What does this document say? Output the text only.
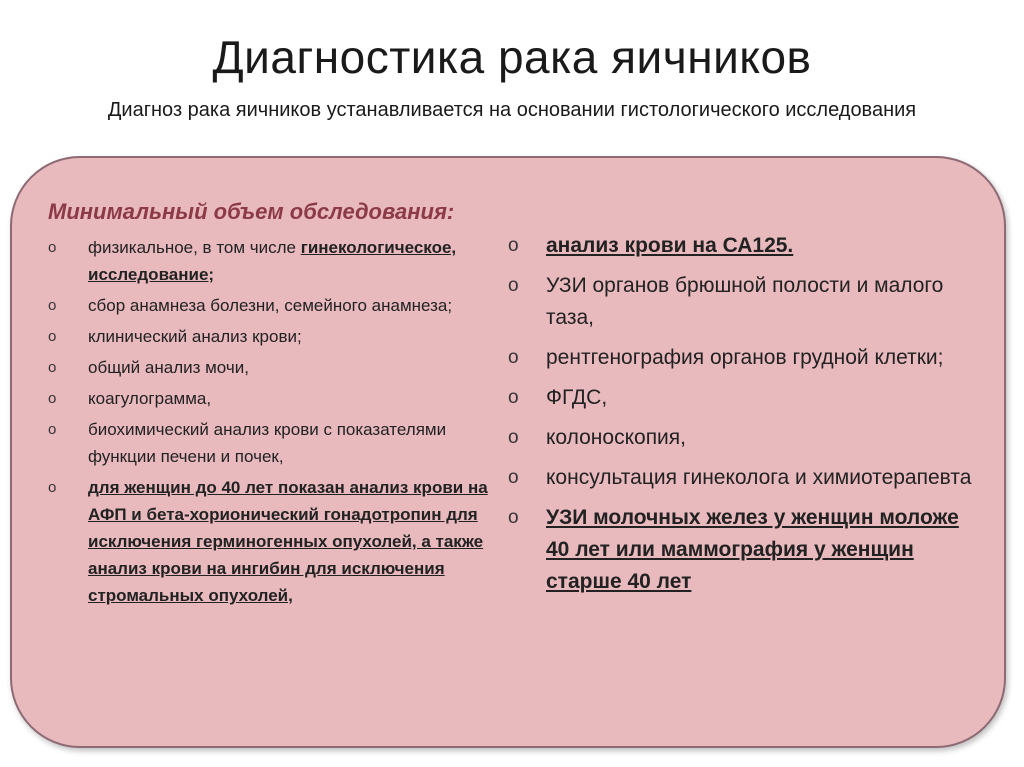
Диагностика рака яичников
Диагноз рака яичников устанавливается на основании гистологического исследования
Минимальный объем обследования:
o	физикальное, в том числе гинекологическое, исследование;
o	сбор анамнеза болезни, семейного анамнеза;
o	клинический анализ крови;
o	общий анализ мочи,
o	коагулограмма,
o	биохимический анализ крови с показателями функции печени и почек,
o	для женщин до 40 лет показан анализ крови на АФП и бета-хорионический гонадотропин для исключения герминогенных опухолей, а также анализ крови на ингибин для исключения стромальных опухолей,
o	анализ крови на СА125.
o	УЗИ органов брюшной полости и малого таза,
o	рентгенография органов грудной клетки;
o	ФГДС,
o	колоноскопия,
o	консультация гинеколога и химиотерапевта
o	УЗИ молочных желез у женщин моложе 40 лет или маммография у женщин старше 40 лет
